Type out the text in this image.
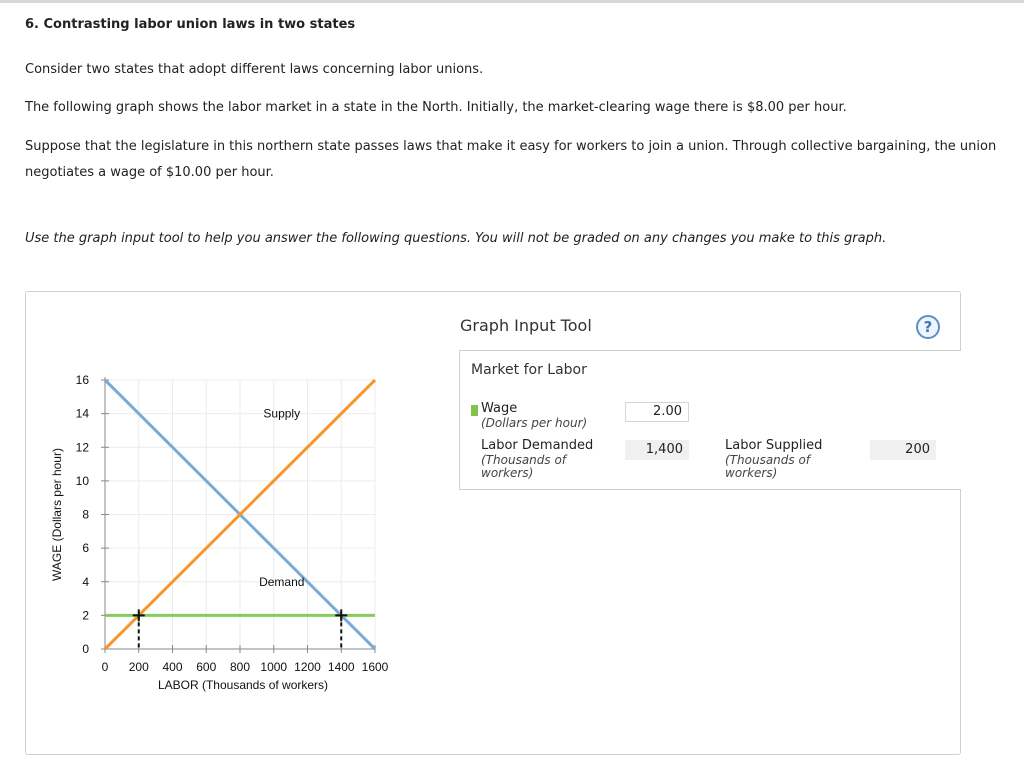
6. Contrasting labor union laws in two states

Consider two states that adopt different laws concerning labor unions.

The following graph shows the labor market in a state in the North. Initially, the market-clearing wage there is $8.00 per hour.

Suppose that the legislature in this northern state passes laws that make it easy for workers to join a union. Through collective bargaining, the union negotiates a wage of $10.00 per hour.

Use the graph input tool to help you answer the following questions. You will not be graded on any changes you make to this graph.

0
2
4
6
8
10
12
14
16
0 200 400 600 800 1000 1200 1400 1600
LABOR (Thousands of workers)
WAGE (Dollars per hour)
Demand
Supply
Graph Input Tool	?
Market for Labor
Wage
(Dollars per hour)
2.00
Labor Demanded
(Thousands of workers)
1,400	Labor Supplied
(Thousands of workers)
200
